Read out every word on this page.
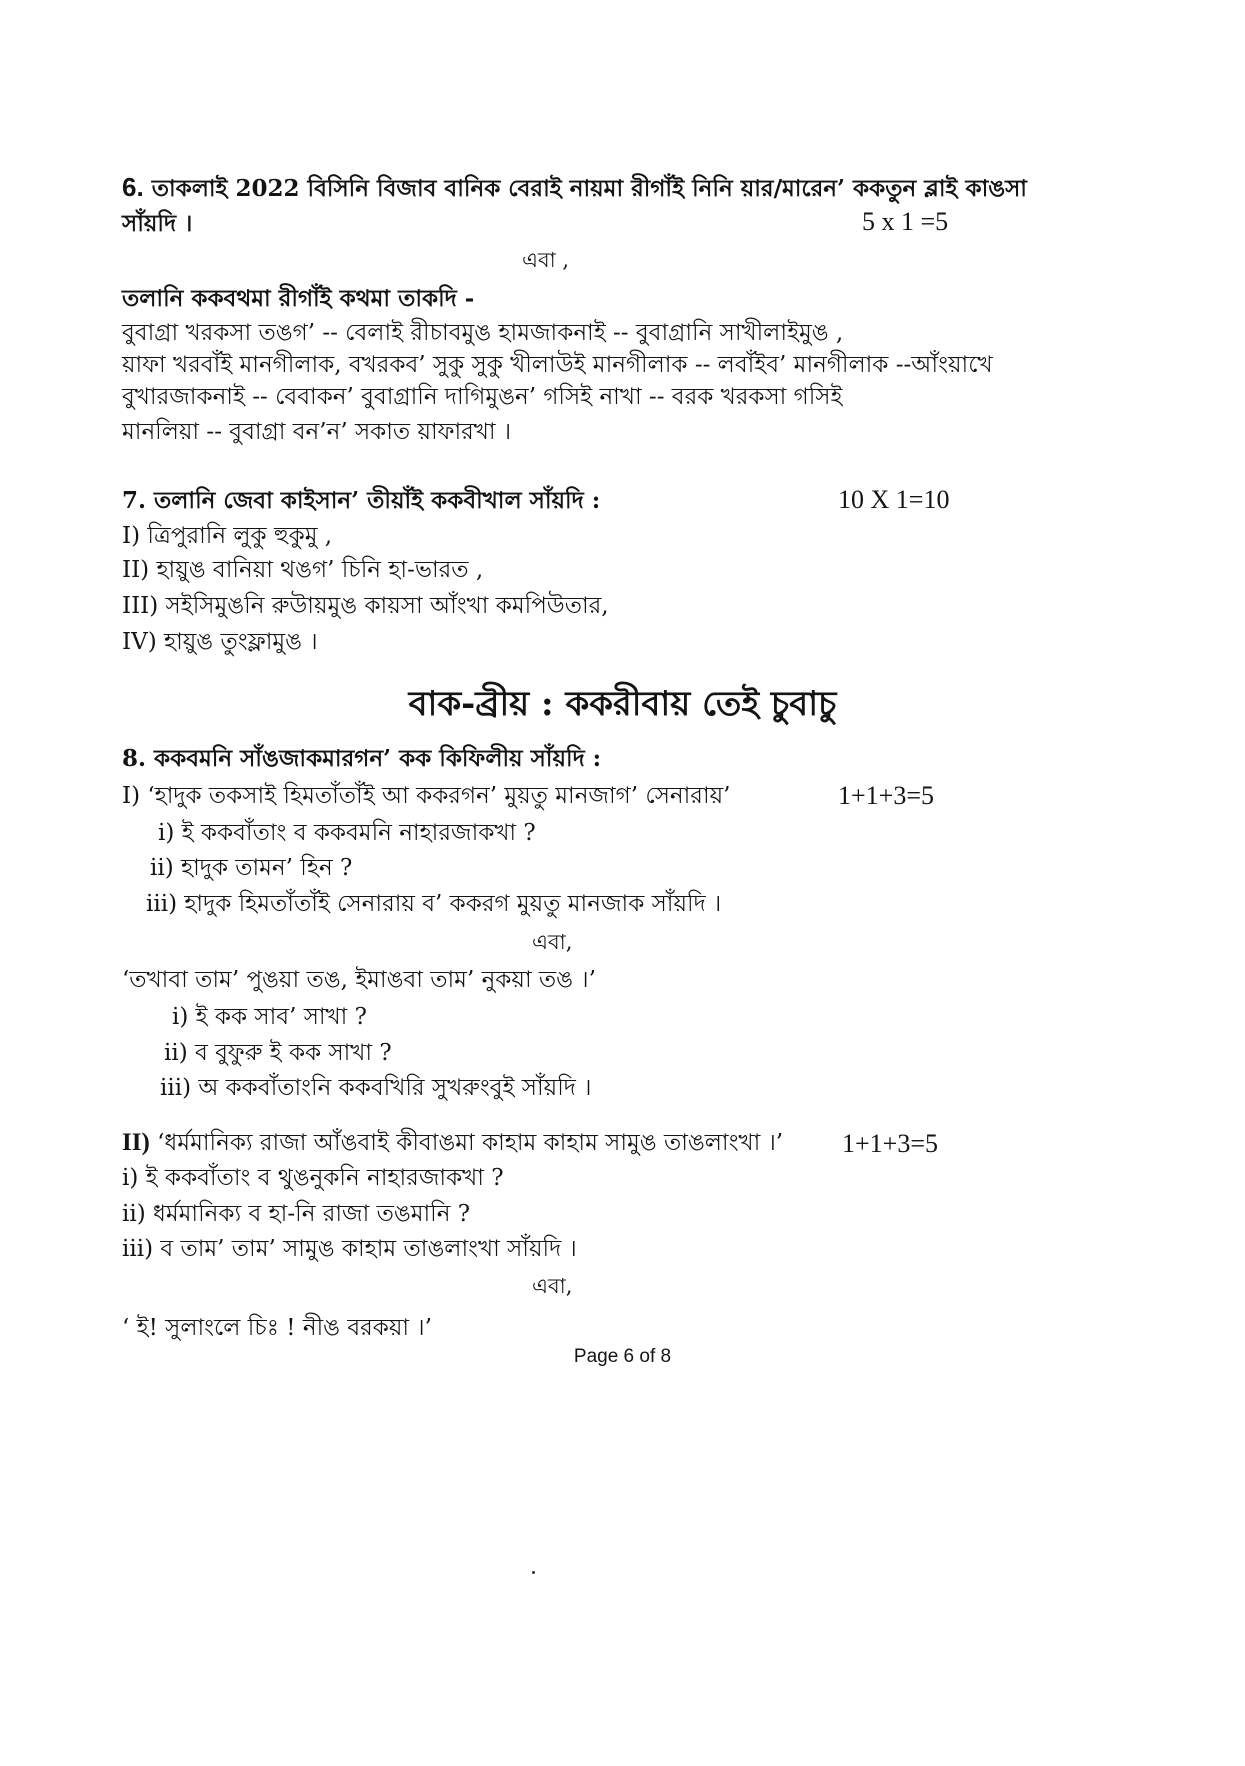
6. তাকলাই 2022 বিসিনি বিজাব বানিক বেরাই নায়মা রীগাঁই নিনি য়ার/মারেন’ ককতুন ব্লাই কাঙসা
সাঁয়দি ।	5 x 1 =5
এবা ,
তলানি ককবথমা রীগাঁই কথমা তাকদি -
বুবাগ্রা খরকসা তঙগ’ -- বেলাই রীচাবমুঙ হামজাকনাই -- বুবাগ্রানি সাখীলাইমুঙ ,
য়াফা খরবাঁই মানগীলাক, বখরকব’ সুকু সুকু খীলাউই মানগীলাক -- লবাঁইব’ মানগীলাক --আঁংয়াখে
বুখারজাকনাই -- বেবাকন’ বুবাগ্রানি দাগিমুঙন’ গসিই নাখা -- বরক খরকসা গসিই
মানলিয়া -- বুবাগ্রা বন’ন’ সকাত য়াফারখা ।
7. তলানি জেবা কাইসান’ তীয়াঁই ককবীখাল সাঁয়দি :	10 X 1=10
I) ত্রিপুরানি লুকু হুকুমু ,
II) হায়ুঙ বানিয়া থঙগ’ চিনি হা-ভারত ,
III) সইসিমুঙনি রুউায়মুঙ কায়সা আঁংখা কমপিউতার,
IV) হায়ুঙ তুংফ্লামুঙ ।
বাক-ব্রীয় : ককরীবায় তেই চুবাচু
8. ককবমনি সাঁঙজাকমারগন’ কক কিফিলীয় সাঁয়দি :
I) ‘হাদুক তকসাই হিমতাঁতাঁই আ ককরগন’ মুয়তু মানজাগ’ সেনারায়’	1+1+3=5
i) ই ককবাঁতাং ব ককবমনি নাহারজাকখা ?
ii) হাদুক তামন’ হিন ?
iii) হাদুক হিমতাঁতাঁই সেনারায় ব’ ককরগ মুয়তু মানজাক সাঁয়দি ।
এবা,
‘তখাবা তাম’ পুঙয়া তঙ, ইমাঙবা তাম’ নুকয়া তঙ ।’
i) ই কক সাব’ সাখা ?
ii) ব বুফুরু ই কক সাখা ?
iii) অ ককবাঁতাংনি ককবখিরি সুখরুংবুই সাঁয়দি ।
II) ‘ধর্মমানিক্য রাজা আঁঙবাই কীবাঙমা কাহাম কাহাম সামুঙ তাঙলাংখা ।’ 1+1+3=5
i) ই ককবাঁতাং ব থুঙনুকনি নাহারজাকখা ?
ii) ধর্মমানিক্য ব হা-নি রাজা তঙমানি ?
iii) ব তাম’ তাম’ সামুঙ কাহাম তাঙলাংখা সাঁয়দি ।
এবা,
‘ ই! সুলাংলে চিঃ ! নীঙ বরকয়া ।’
Page 6 of 8
